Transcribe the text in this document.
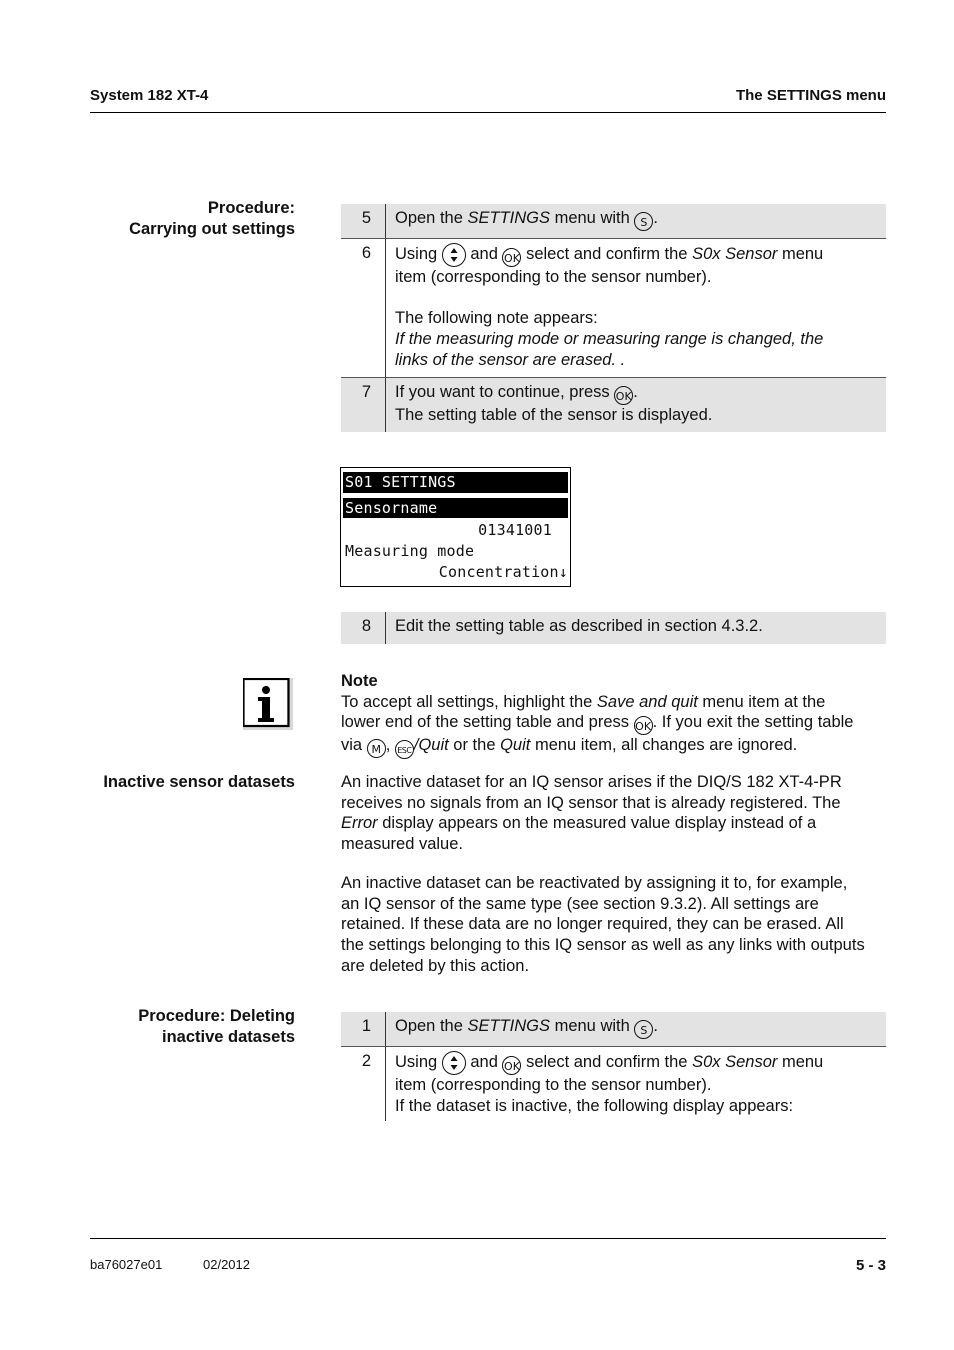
System 182 XT-4	The SETTINGS menu
Procedure:
Carrying out settings
5	Open the SETTINGS menu with S .
6	Using  and OK select and confirm the S0x Sensor menu

item (corresponding to the sensor number).

The following note appears:

If the measuring mode or measuring range is changed, the

links of the sensor are erased. .

7	If you want to continue, press OK.

The setting table of the sensor is displayed.

S01 SETTINGS
Sensorname
01341001
Measuring mode
Concentration↓
8	Edit the setting table as described in section 4.3.2.

Note

To accept all settings, highlight the Save and quit menu item at the

lower end of the setting table and press OK. If you exit the setting table

via M , ESC /Quit or the Quit menu item, all changes are ignored.

Inactive sensor datasets	An inactive dataset for an IQ sensor arises if the DIQ/S 182 XT-4-PR

receives no signals from an IQ sensor that is already registered. The

Error display appears on the measured value display instead of a

measured value.

An inactive dataset can be reactivated by assigning it to, for example,

an IQ sensor of the same type (see section 9.3.2). All settings are

retained. If these data are no longer required, they can be erased. All

the settings belonging to this IQ sensor as well as any links with outputs

are deleted by this action.

Procedure: Deleting
inactive datasets
1	Open the SETTINGS menu with S .
2	Using  and OK select and confirm the S0x Sensor menu

item (corresponding to the sensor number).

If the dataset is inactive, the following display appears:

ba76027e01	02/2012	5 - 3
